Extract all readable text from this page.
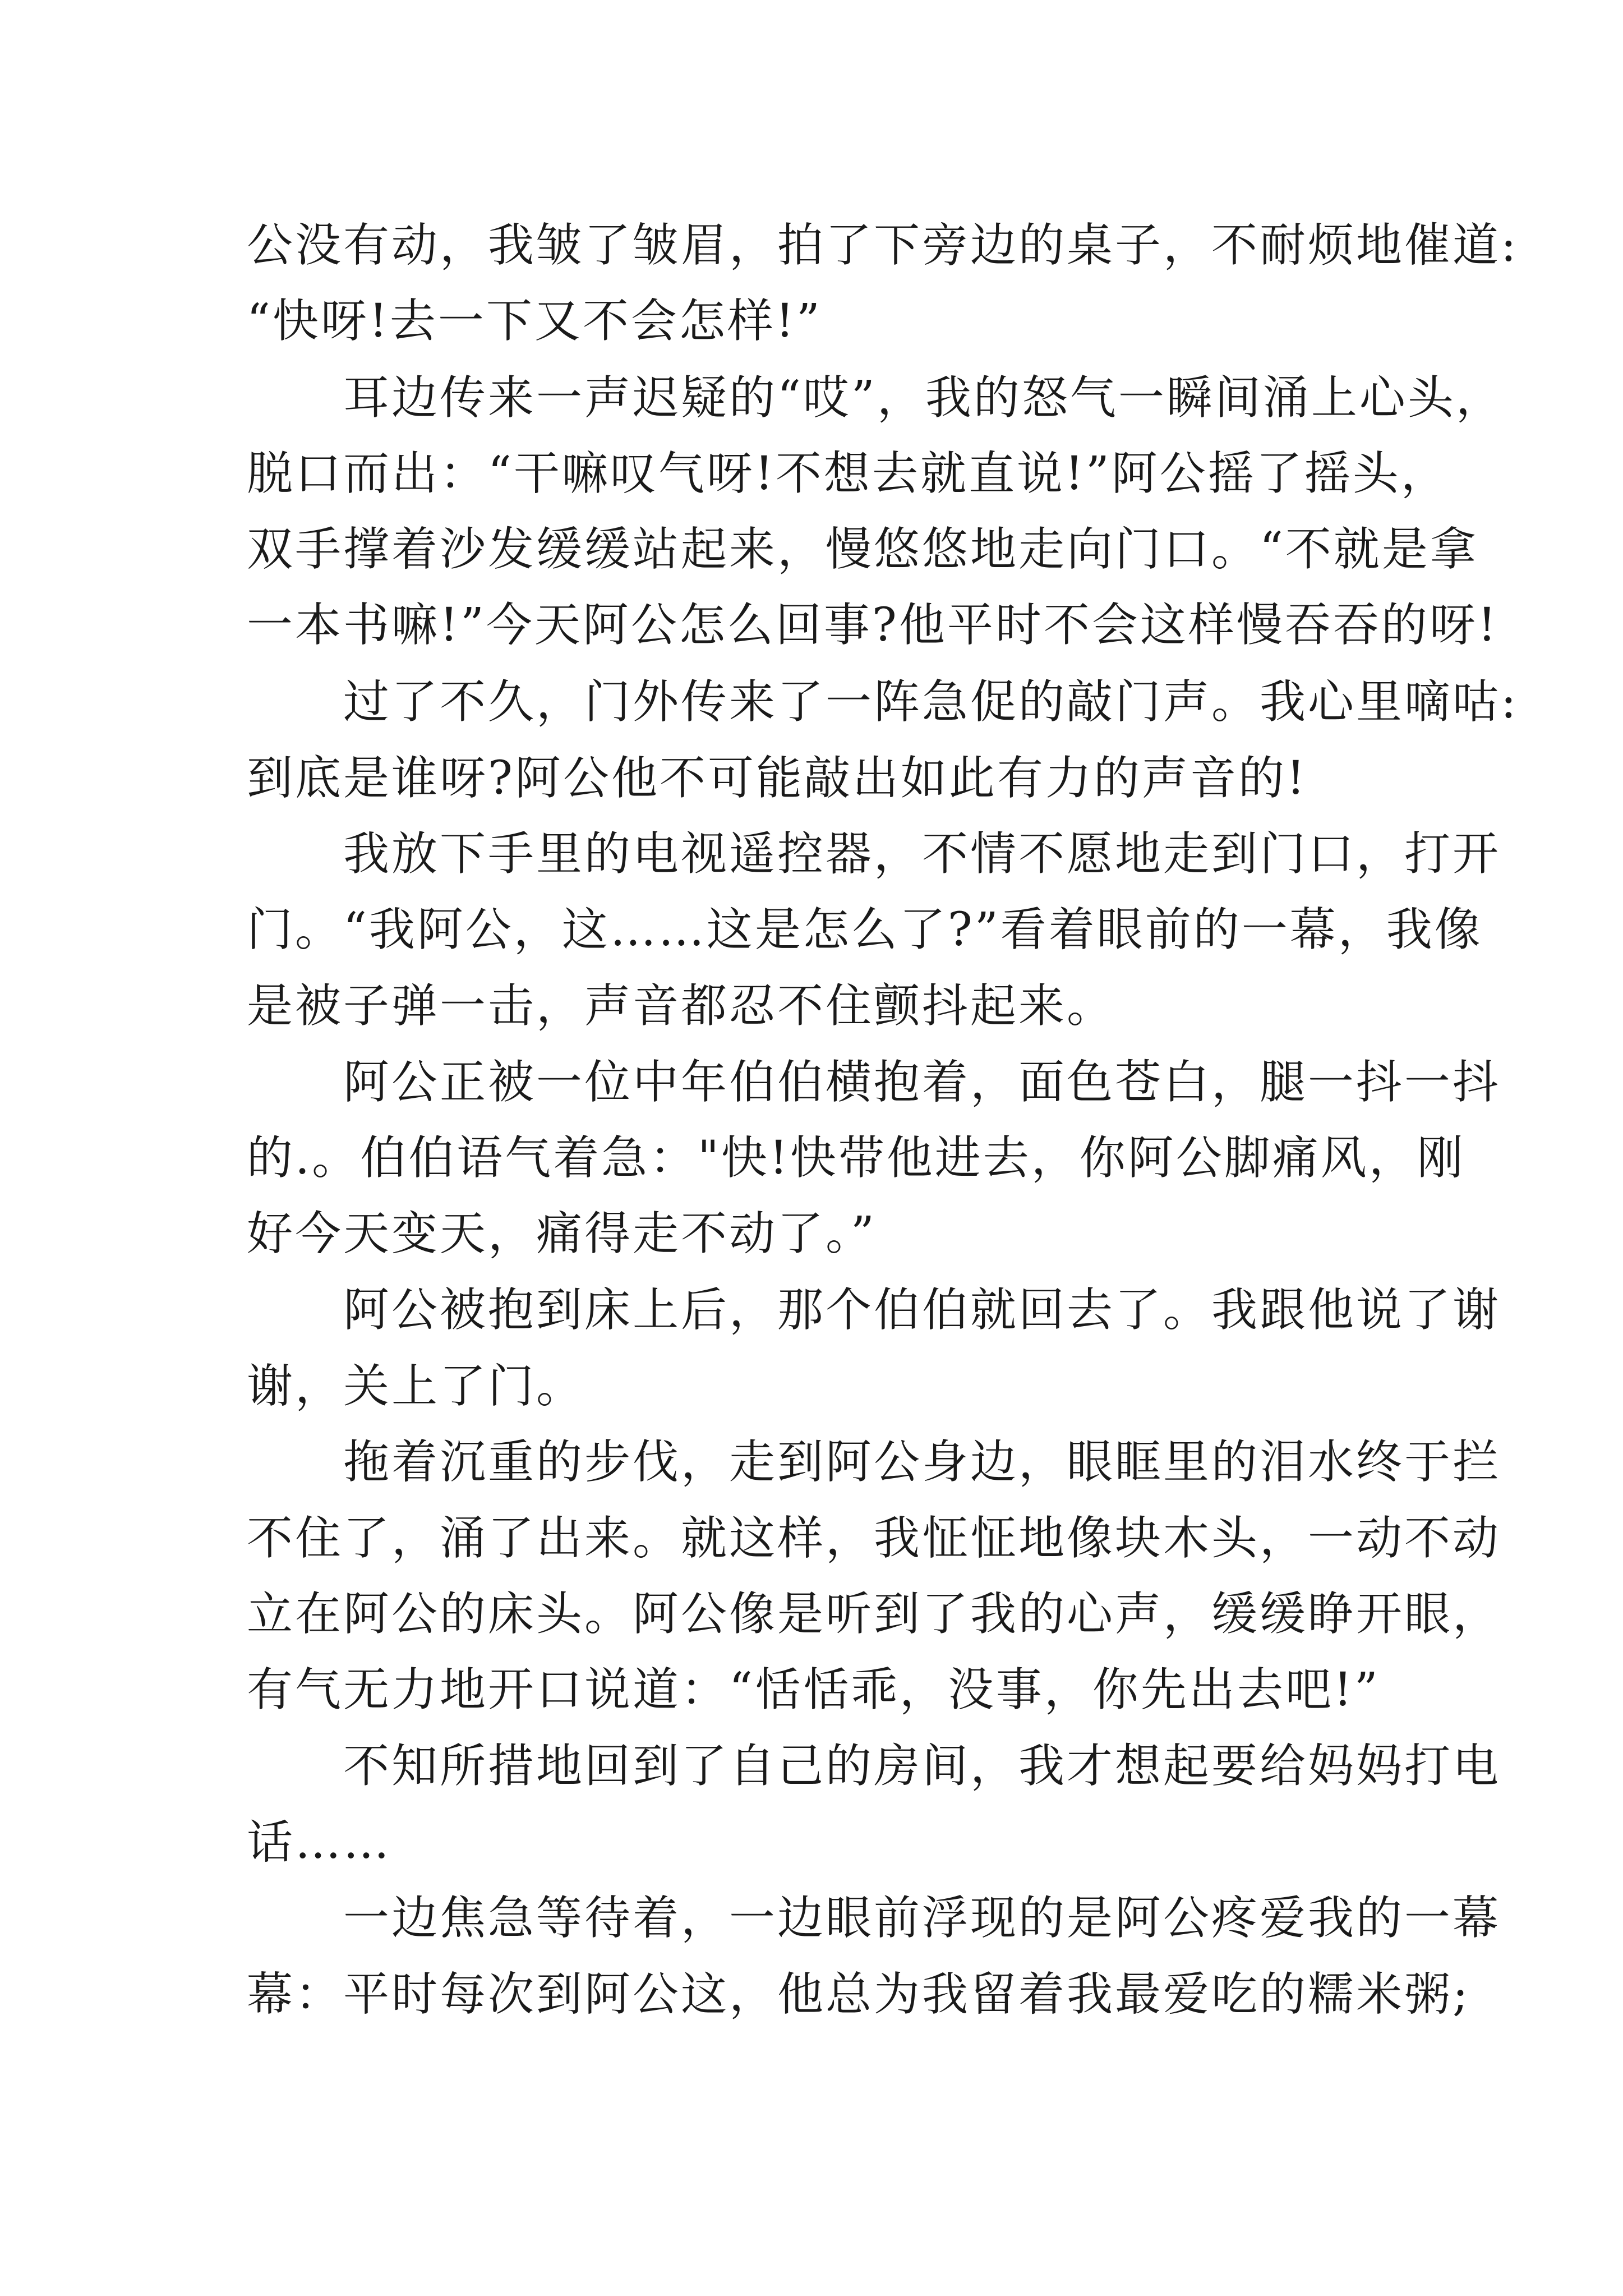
公没有动，我皱了皱眉，拍了下旁边的桌子，不耐烦地催道:
“快呀!去一下又不会怎样!”
　　耳边传来一声迟疑的“哎”，我的怒气一瞬间涌上心头，
脱口而出：“干嘛叹气呀!不想去就直说!”阿公摇了摇头，
双手撑着沙发缓缓站起来，慢悠悠地走向门口。“不就是拿
一本书嘛!”今天阿公怎么回事?他平时不会这样慢吞吞的呀!
　　过了不久，门外传来了一阵急促的敲门声。我心里嘀咕:
到底是谁呀?阿公他不可能敲出如此有力的声音的!
　　我放下手里的电视遥控器，不情不愿地走到门口，打开
门。“我阿公，这……这是怎么了?”看着眼前的一幕，我像
是被子弹一击，声音都忍不住颤抖起来。
　　阿公正被一位中年伯伯横抱着，面色苍白，腿一抖一抖
的.。伯伯语气着急："快!快带他进去，你阿公脚痛风，刚
好今天变天，痛得走不动了。”
　　阿公被抱到床上后，那个伯伯就回去了。我跟他说了谢
谢，关上了门。
　　拖着沉重的步伐，走到阿公身边，眼眶里的泪水终于拦
不住了，涌了出来。就这样，我怔怔地像块木头，一动不动
立在阿公的床头。阿公像是听到了我的心声，缓缓睁开眼，
有气无力地开口说道：“恬恬乖，没事，你先出去吧!”
　　不知所措地回到了自己的房间，我才想起要给妈妈打电
话……
　　一边焦急等待着，一边眼前浮现的是阿公疼爱我的一幕
幕：平时每次到阿公这，他总为我留着我最爱吃的糯米粥;
